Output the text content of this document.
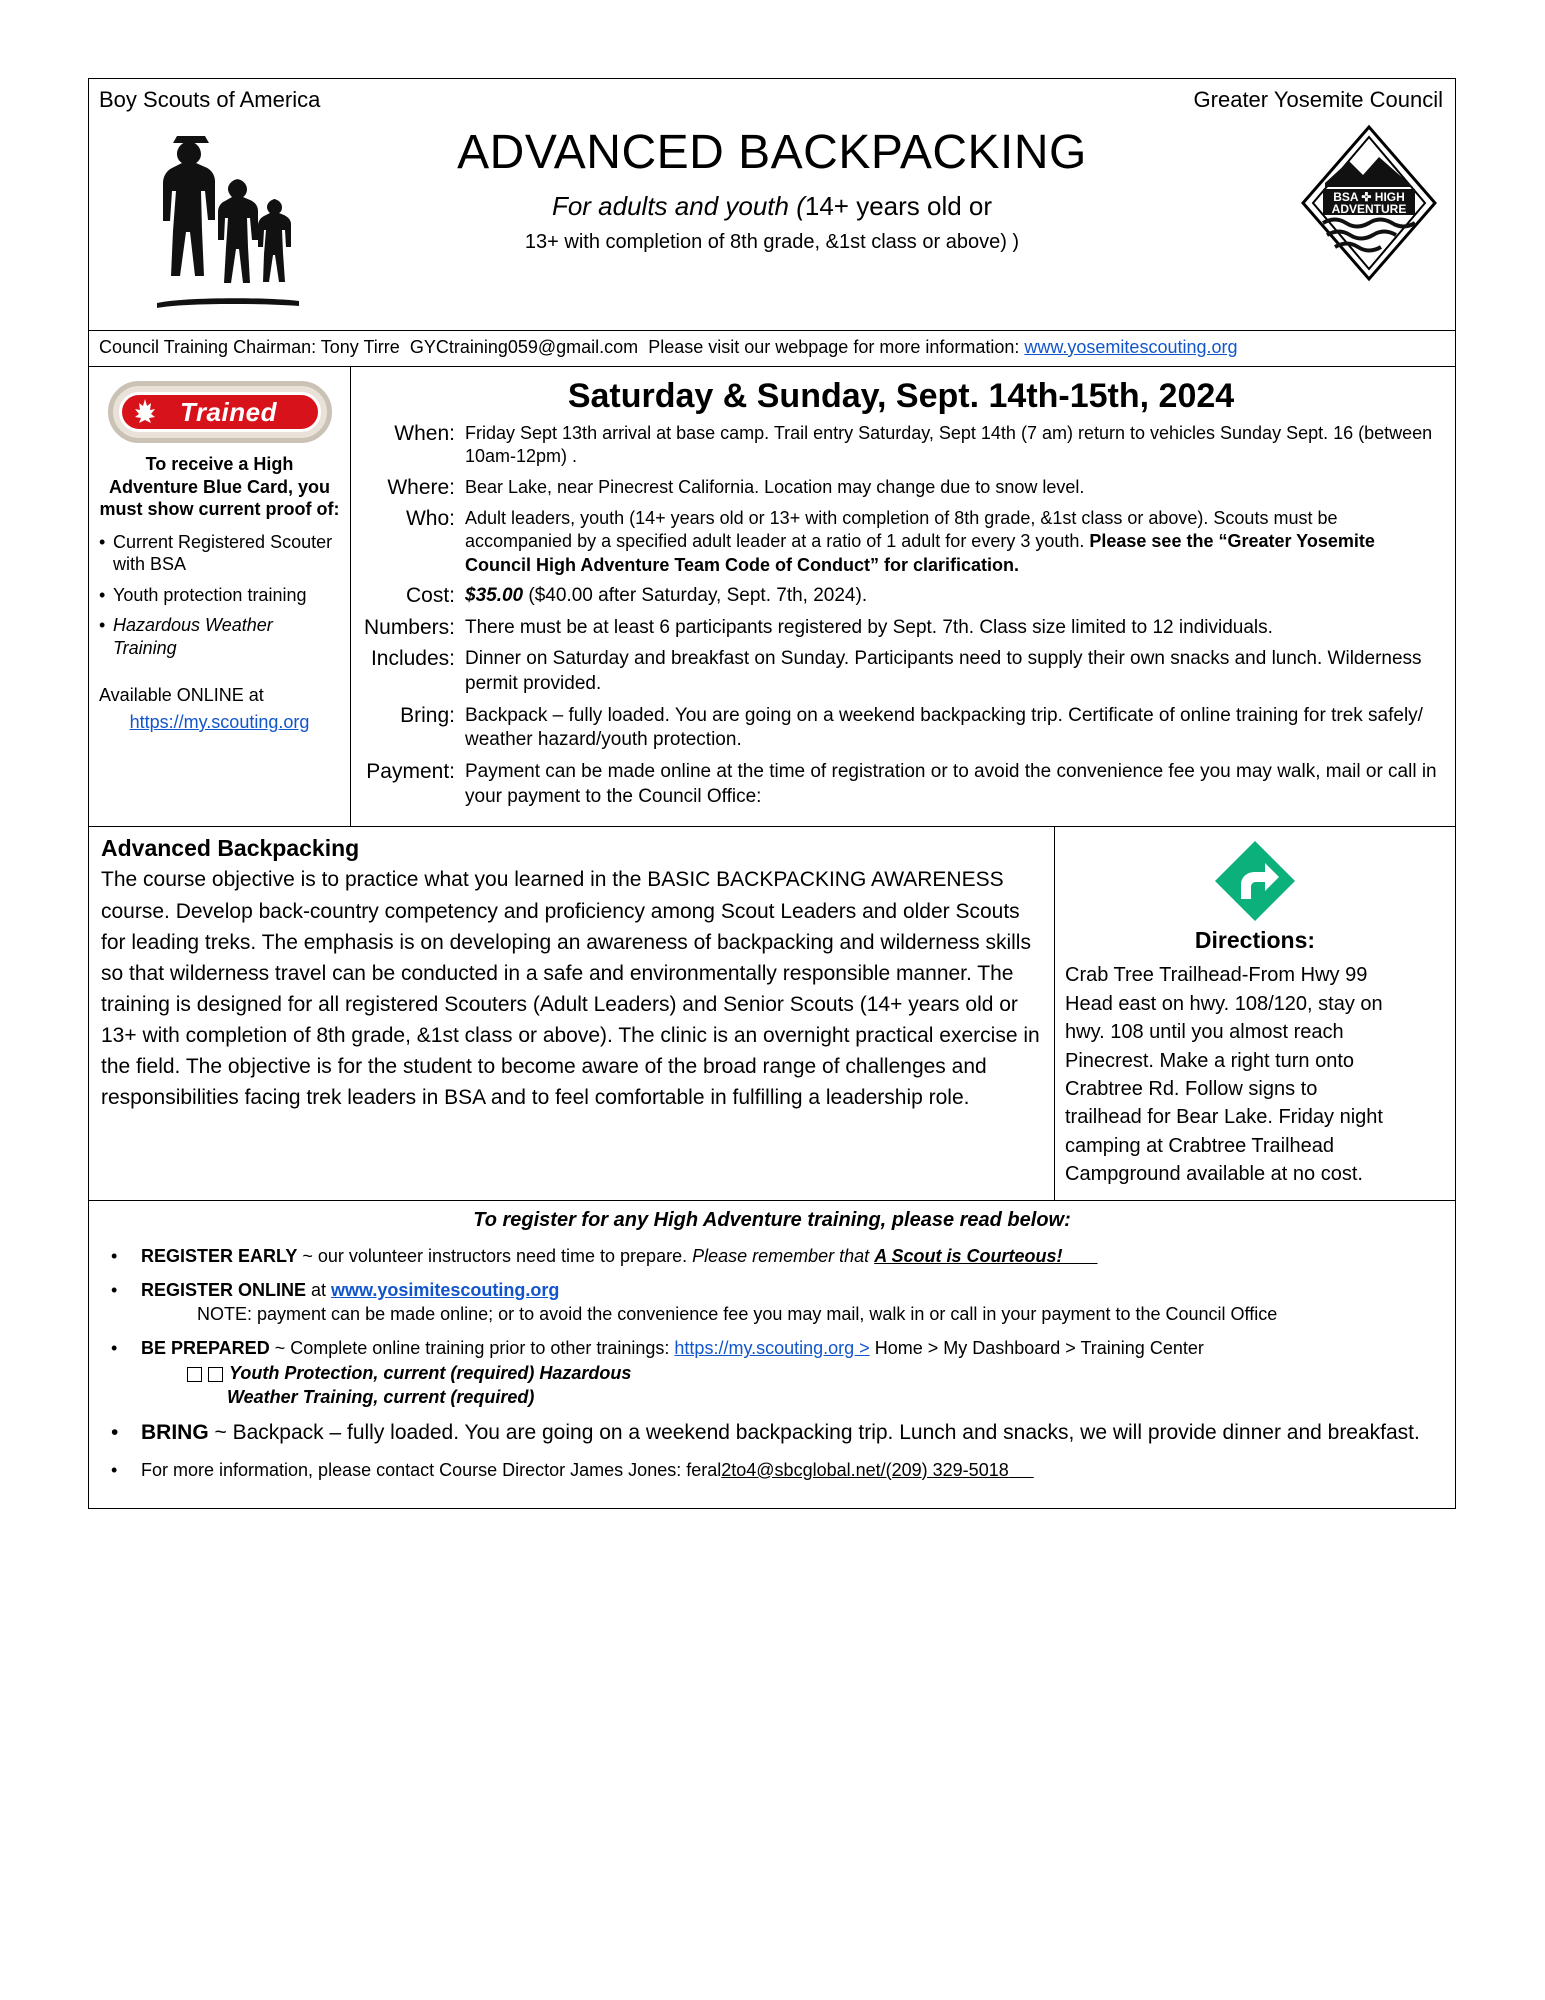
Boy Scouts of America	Greater Yosemite Council
ADVANCED BACKPACKING
For adults and youth (14+ years old or
13+ with completion of 8th grade, &1st class or above) )
BSA ✜ HIGH
ADVENTURE
Council Training Chairman: Tony Tirre GYCtraining059@gmail.com Please visit our webpage for more information: www.yosemitescouting.org
Trained
To receive a High Adventure Blue Card, you must show current proof of:
• Current Registered Scouter with BSA
• Youth protection training
• Hazardous Weather Training
Available ONLINE at
https://my.scouting.org
Saturday & Sunday, Sept. 14th-15th, 2024
When: Friday Sept 13th arrival at base camp. Trail entry Saturday, Sept 14th (7 am) return to vehicles Sunday Sept. 16 (between 10am-12pm) .
Where: Bear Lake, near Pinecrest California. Location may change due to snow level.
Who: Adult leaders, youth (14+ years old or 13+ with completion of 8th grade, &1st class or above). Scouts must be accompanied by a specified adult leader at a ratio of 1 adult for every 3 youth. Please see the “Greater Yosemite Council High Adventure Team Code of Conduct” for clarification.
Cost: $35.00 ($40.00 after Saturday, Sept. 7th, 2024).
Numbers: There must be at least 6 participants registered by Sept. 7th. Class size limited to 12 individuals.
Includes: Dinner on Saturday and breakfast on Sunday. Participants need to supply their own snacks and lunch. Wilderness permit provided.
Bring: Backpack – fully loaded. You are going on a weekend backpacking trip. Certificate of online training for trek safely/ weather hazard/youth protection.
Payment: Payment can be made online at the time of registration or to avoid the convenience fee you may walk, mail or call in your payment to the Council Office:
Advanced Backpacking
The course objective is to practice what you learned in the BASIC BACKPACKING AWARENESS course. Develop back-country competency and proficiency among Scout Leaders and older Scouts for leading treks. The emphasis is on developing an awareness of backpacking and wilderness skills so that wilderness travel can be conducted in a safe and environmentally responsible manner. The training is designed for all registered Scouters (Adult Leaders) and Senior Scouts (14+ years old or 13+ with completion of 8th grade, &1st class or above). The clinic is an overnight practical exercise in the field. The objective is for the student to become aware of the broad range of challenges and responsibilities facing trek leaders in BSA and to feel comfortable in fulfilling a leadership role.
Directions:

Crab Tree Trailhead-From Hwy 99

Head east on hwy. 108/120, stay on

hwy. 108 until you almost reach

Pinecrest. Make a right turn onto

Crabtree Rd. Follow signs to

trailhead for Bear Lake. Friday night

camping at Crabtree Trailhead

Campground available at no cost.

To register for any High Adventure training, please read below:
•	REGISTER EARLY ~ our volunteer instructors need time to prepare. Please remember that A Scout is Courteous!
•	REGISTER ONLINE at www.yosimitescouting.org
NOTE: payment can be made online; or to avoid the convenience fee you may mail, walk in or call in your payment to the Council Office
•	BE PREPARED ~ Complete online training prior to other trainings: https://my.scouting.org > Home > My Dashboard > Training Center
Youth Protection, current (required) Hazardous
Weather Training, current (required)
•	BRING ~ Backpack – fully loaded. You are going on a weekend backpacking trip. Lunch and snacks, we will provide dinner and breakfast.
•	For more information, please contact Course Director James Jones: feral2to4@sbcglobal.net/(209) 329-5018
